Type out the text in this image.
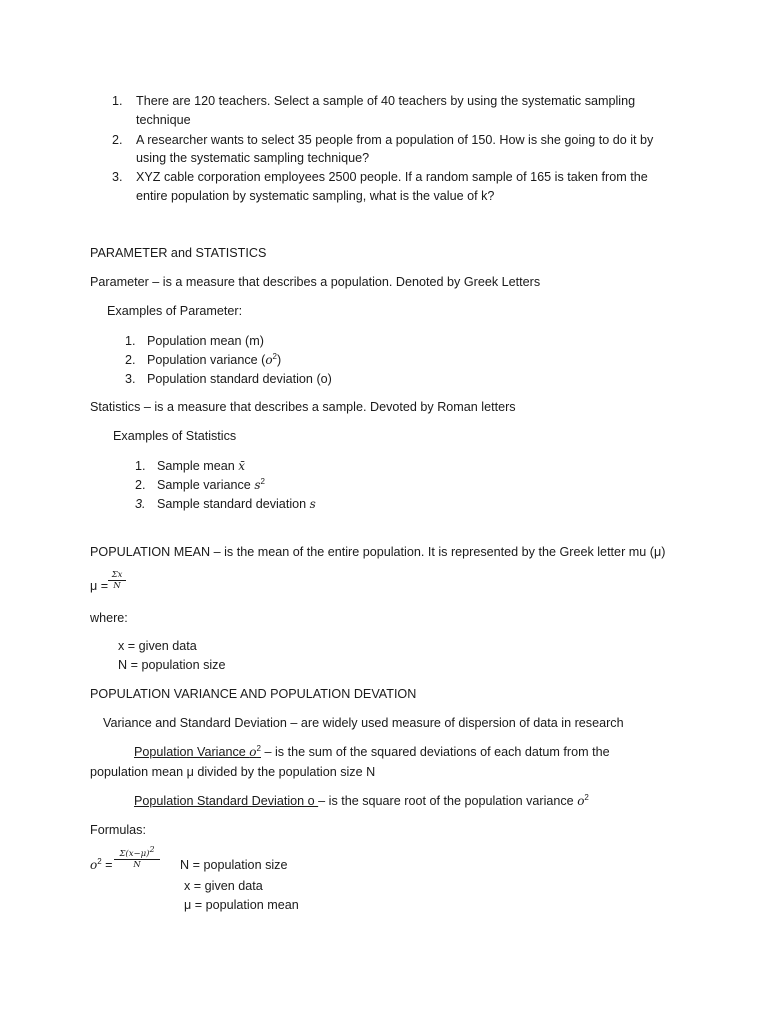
1. There are 120 teachers. Select a sample of 40 teachers by using the systematic sampling
technique
2. A researcher wants to select 35 people from a population of 150. How is she going to do it by
using the systematic sampling technique?
3. XYZ cable corporation employees 2500 people. If a random sample of 165 is taken from the
entire population by systematic sampling, what is the value of k?
PARAMETER and STATISTICS
Parameter – is a measure that describes a population. Denoted by Greek Letters
Examples of Parameter:
1. Population mean (m)
2. Population variance $(o^2)$
3. Population standard deviation (o)
Statistics – is a measure that describes a sample. Devoted by Roman letters
Examples of Statistics
1. Sample mean x̄
2. Sample variance $s^2$
3. Sample standard deviation s
POPULATION MEAN – is the mean of the entire population. It is represented by the Greek letter mu (μ)
$\mu = \frac{\Sigma x}{N}$
where:
x = given data
N = population size
POPULATION VARIANCE AND POPULATION DEVATION
Variance and Standard Deviation – are widely used measure of dispersion of data in research
Population Variance $o^2$ – is the sum of the squared deviations of each datum from the
population mean μ divided by the population size N
Population Standard Deviation o – is the square root of the population variance $o^2$
Formulas:
$o^2 = \frac{\Sigma(x-\mu)^2}{N}$ N = population size
x = given data
μ = population mean
